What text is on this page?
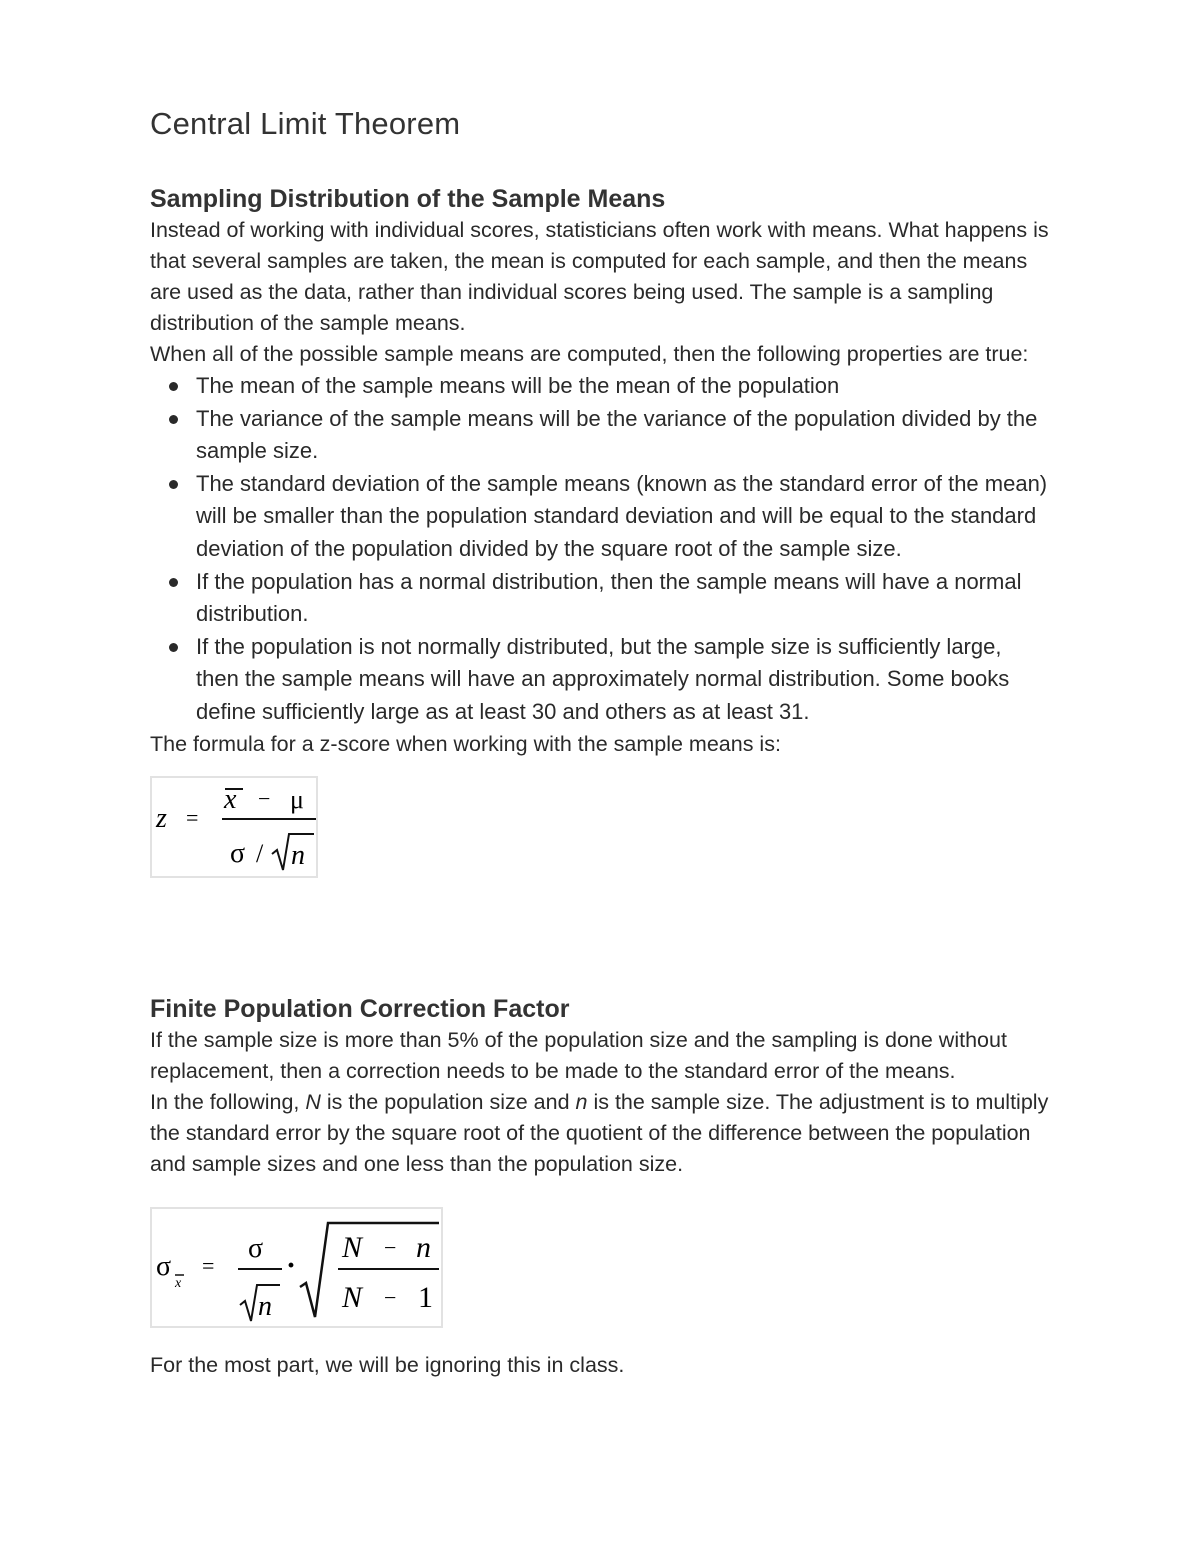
Central Limit Theorem
Sampling Distribution of the Sample Means

Instead of working with individual scores, statisticians often work with means. What happens is that several samples are taken, the mean is computed for each sample, and then the means are used as the data, rather than individual scores being used. The sample is a sampling distribution of the sample means.

When all of the possible sample means are computed, then the following properties are true:

The mean of the sample means will be the mean of the population
The variance of the sample means will be the variance of the population divided by the sample size.
The standard deviation of the sample means (known as the standard error of the mean) will be smaller than the population standard deviation and will be equal to the standard deviation of the population divided by the square root of the sample size.
If the population has a normal distribution, then the sample means will have a normal distribution.
If the population is not normally distributed, but the sample size is sufficiently large, then the sample means will have an approximately normal distribution. Some books define sufficiently large as at least 30 and others as at least 31.

The formula for a z-score when working with the sample means is:

z =
x − μ
σ / n
Finite Population Correction Factor

If the sample size is more than 5% of the population size and the sampling is done without replacement, then a correction needs to be made to the standard error of the means.

In the following, N is the population size and n is the sample size. The adjustment is to multiply the standard error by the square root of the quotient of the difference between the population and sample sizes and one less than the population size.

σ
x
=
σ
n
·
N − n
N − 1

For the most part, we will be ignoring this in class.
